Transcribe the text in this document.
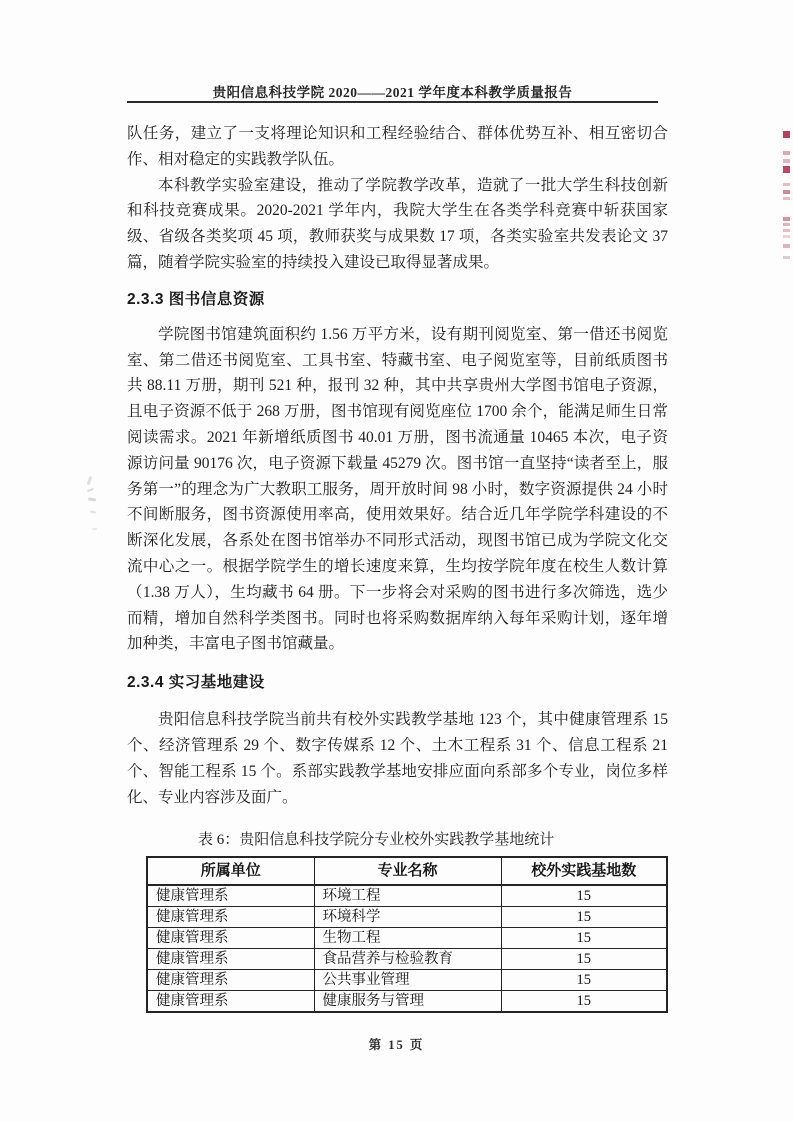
贵阳信息科技学院 2020——2021 学年度本科教学质量报告

队任务，建立了一支将理论知识和工程经验结合、群体优势互补、相互密切合作、相对稳定的实践教学队伍。

本科教学实验室建设，推动了学院教学改革，造就了一批大学生科技创新和科技竞赛成果。2020-2021 学年内，我院大学生在各类学科竞赛中斩获国家级、省级各类奖项 45 项，教师获奖与成果数 17 项，各类实验室共发表论文 37 篇，随着学院实验室的持续投入建设已取得显著成果。

2.3.3 图书信息资源

学院图书馆建筑面积约 1.56 万平方米，设有期刊阅览室、第一借还书阅览室、第二借还书阅览室、工具书室、特藏书室、电子阅览室等，目前纸质图书共 88.11 万册，期刊 521 种，报刊 32 种，其中共享贵州大学图书馆电子资源，且电子资源不低于 268 万册，图书馆现有阅览座位 1700 余个，能满足师生日常阅读需求。2021 年新增纸质图书 40.01 万册，图书流通量 10465 本次，电子资源访问量 90176 次，电子资源下载量 45279 次。图书馆一直坚持“读者至上，服务第一”的理念为广大教职工服务，周开放时间 98 小时，数字资源提供 24 小时不间断服务，图书资源使用率高，使用效果好。结合近几年学院学科建设的不断深化发展，各系处在图书馆举办不同形式活动，现图书馆已成为学院文化交流中心之一。根据学院学生的增长速度来算，生均按学院年度在校生人数计算（1.38 万人），生均藏书 64 册。下一步将会对采购的图书进行多次筛选，选少而精，增加自然科学类图书。同时也将采购数据库纳入每年采购计划，逐年增加种类，丰富电子图书馆藏量。

2.3.4 实习基地建设

贵阳信息科技学院当前共有校外实践教学基地 123 个，其中健康管理系 15 个、经济管理系 29 个、数字传媒系 12 个、土木工程系 31 个、信息工程系 21 个、智能工程系 15 个。系部实践教学基地安排应面向系部多个专业，岗位多样化、专业内容涉及面广。

表 6：贵阳信息科技学院分专业校外实践教学基地统计
所属单位	专业名称	校外实践基地数
健康管理系	环境工程	15
健康管理系	环境科学	15
健康管理系	生物工程	15
健康管理系	食品营养与检验教育	15
健康管理系	公共事业管理	15
健康管理系	健康服务与管理	15
第 15 页
